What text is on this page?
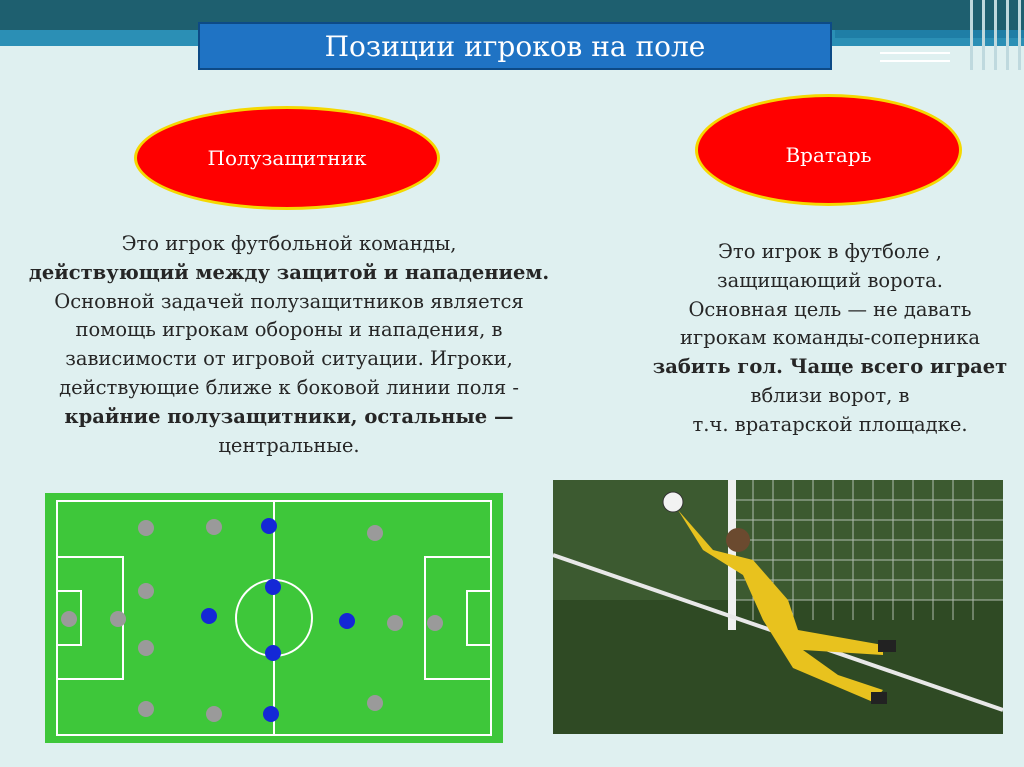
Позиции игроков на поле
Полузащитник	Вратарь
Это игрок футбольной команды,
действующий между защитой и нападением.
Основной задачей полузащитников является
помощь игрокам обороны и нападения, в
зависимости от игровой ситуации. Игроки,
действующие ближе к боковой линии поля -
крайние полузащитники, остальные —
центральные.
Это игрок в футболе ,
защищающий ворота.
Основная цель — не давать
игрокам команды-соперника
забить гол. Чаще всего играет
вблизи ворот, в
т.ч. вратарской площадке.
